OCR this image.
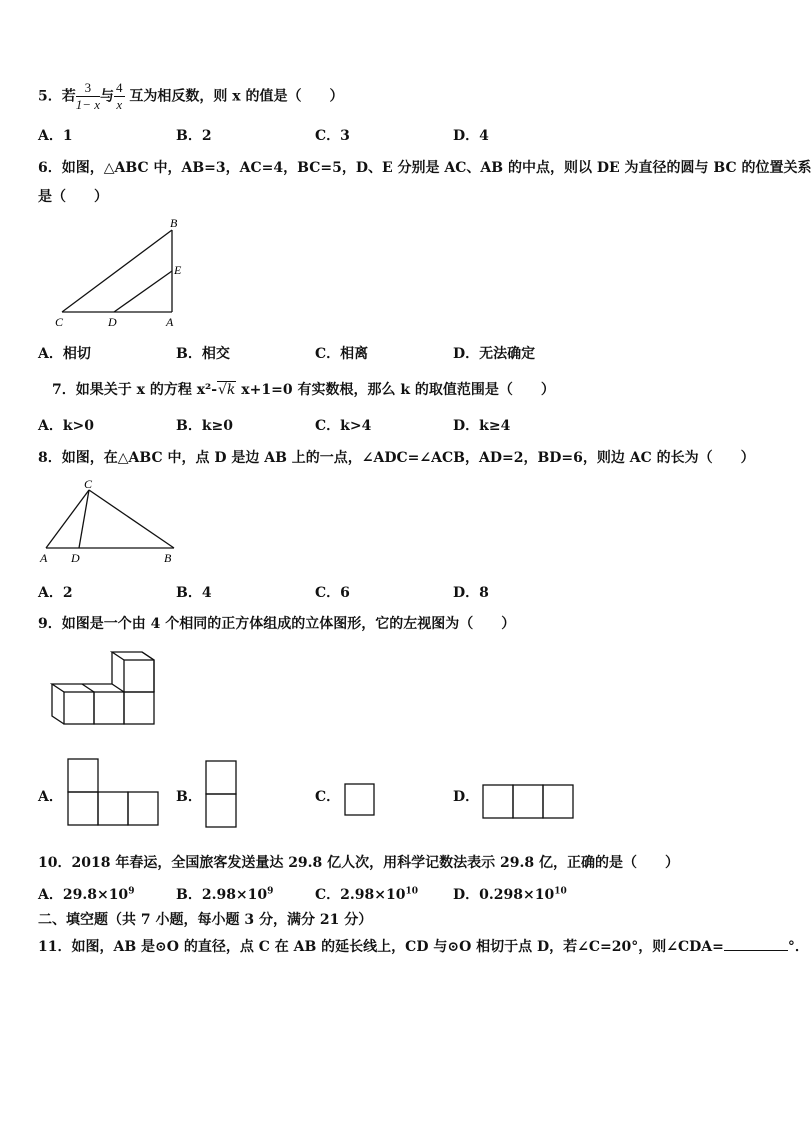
5．若 $\frac{3}{1- x}$ 与 $\frac{4}{x}$ 互为相反数，则 x 的值是（　　）
A．1	B．2	C．3	D．4
6．如图，△ABC 中，AB=3，AC=4，BC=5，D、E 分别是 AC、AB 的中点，则以 DE 为直径的圆与 BC 的位置关系
是（　　）
B
E
C	D	A
A．相切	B．相交	C．相离	D．无法确定
7．如果关于 x 的方程 x²-√k x+1=0 有实数根，那么 k 的取值范围是（　　）
A．k>0	B．k≥0	C．k>4	D．k≥4
8．如图，在△ABC 中，点 D 是边 AB 上的一点，∠ADC=∠ACB，AD=2，BD=6，则边 AC 的长为（　　）
C
A D	B
A．2	B．4	C．6	D．8
9．如图是一个由 4 个相同的正方体组成的立体图形，它的左视图为（　　）
A．	B．	C．	D．
10．2018 年春运，全国旅客发送量达 29.8 亿人次，用科学记数法表示 29.8 亿，正确的是（　　）
A．$29.8\times 10^9$	B．$2.98\times 10^9$	C．$2.98\times 10^{10}$	D．$0.298\times 10^{10}$
二、填空题（共 7 小题，每小题 3 分，满分 21 分）
11．如图，AB 是⊙O 的直径，点 C 在 AB 的延长线上，CD 与⊙O 相切于点 D，若∠C=20°，则∠CDA=	°．
